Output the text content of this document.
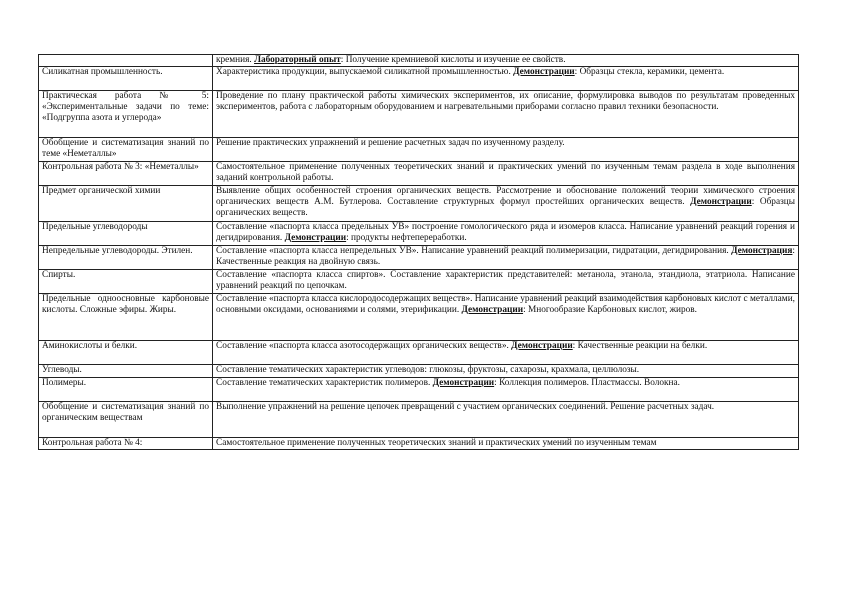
	кремния. Лабораторный опыт: Получение кремниевой кислоты и изучение ее свойств.
Силикатная промышленность.	Характеристика продукции, выпускаемой силикатной промышленностью. Демонстрации: Образцы стекла, керамики, цемента.
Практическая работа № 5: «Экспериментальные задачи по теме: «Подгруппа азота и углерода»	Проведение по плану практической работы химических экспериментов, их описание, формулировка выводов по результатам проведенных экспериментов, работа с лабораторным оборудованием и нагревательными приборами согласно правил техники безопасности.
Обобщение и систематизация знаний по теме «Неметаллы»	Решение практических упражнений и решение расчетных задач по изученному разделу.
Контрольная работа № 3: «Неметаллы»	Самостоятельное применение полученных теоретических знаний и практических умений по изученным темам раздела в ходе выполнения заданий контрольной работы.
Предмет органической химии	Выявление общих особенностей строения органических веществ. Рассмотрение и обоснование положений теории химического строения органических веществ А.М. Бутлерова. Составление структурных формул простейших органических веществ. Демонстрации: Образцы органических веществ.
Предельные углеводороды	Составление «паспорта класса предельных УВ» построение гомологического ряда и изомеров класса. Написание уравнений реакций горения и дегидрирования. Демонстрации: продукты нефтепереработки.
Непредельные углеводороды. Этилен.	Составление «паспорта класса непредельных УВ». Написание уравнений реакций полимеризации, гидратации, дегидрирования. Демонстрация: Качественные реакция на двойную связь.
Спирты.	Составление «паспорта класса спиртов». Составление характеристик представителей: метанола, этанола, этандиола, этатриола. Написание уравнений реакций по цепочкам.
Предельные одноосновные карбоновые кислоты. Сложные эфиры. Жиры.	Составление «паспорта класса кислородосодержащих веществ». Написание уравнений реакций взаимодействия карбоновых кислот с металлами, основными оксидами, основаниями и солями, этерификации. Демонстрации: Многообразие Карбоновых кислот, жиров.
Аминокислоты и белки.	Составление «паспорта класса азотосодержащих органических веществ». Демонстрации: Качественные реакции на белки.
Углеводы.	Составление тематических характеристик углеводов: глюкозы, фруктозы, сахарозы, крахмала, целлюлозы.
Полимеры.	Составление тематических характеристик полимеров. Демонстрации: Коллекция полимеров. Пластмассы. Волокна.
Обобщение и систематизация знаний по органическим веществам	Выполнение упражнений на решение цепочек превращений с участием органических соединений. Решение расчетных задач.
Контрольная работа № 4:	Самостоятельное применение полученных теоретических знаний и практических умений по изученным темам
